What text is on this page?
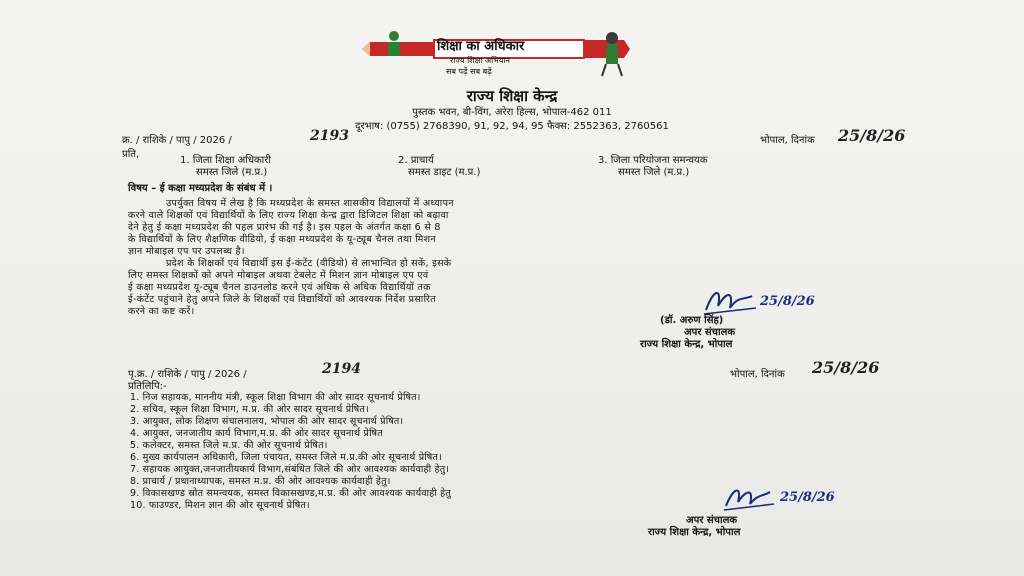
शिक्षा का अधिकार
राज्य शिक्षा अभियान
सब पढ़ें सब बढ़ें
राज्य शिक्षा केन्द्र
पुस्तक भवन, बी-विंग, अरेरा हिल्स, भोपाल-462 011
दूरभाष: (0755) 2768390, 91, 92, 94, 95 फैक्स: 2552363, 2760561
क्र. / राशिके / पापु / 2026 /	2193	भोपाल, दिनांक 25/8/26
प्रति,
1. जिला शिक्षा अधिकारी
समस्त जिले (म.प्र.)
2. प्राचार्य
समस्त डाइट (म.प्र.)
3. जिला परियोजना समन्वयक
समस्त जिले (म.प्र.)
विषय – ई कक्षा मध्यप्रदेश के संबंध में ।
उपर्युक्त विषय में लेख है कि मध्यप्रदेश के समस्त शासकीय विद्यालयों में अध्यापन
करने वाले शिक्षकों एवं विद्यार्थियों के लिए राज्य शिक्षा केन्द्र द्वारा डिजिटल शिक्षा को बढ़ावा
देने हेतु ई कक्षा मध्यप्रदेश की पहल प्रारंभ की गई है। इस पहल के अंतर्गत कक्षा 6 से 8
के विद्यार्थियों के लिए शैक्षणिक वीडियो, ई कक्षा मध्यप्रदेश के यू-ट्यूब चैनल तथा मिशन
ज्ञान मोबाइल एप पर उपलब्ध है।
प्रदेश के शिक्षकों एवं विद्यार्थी इस ई-कंटेंट (वीडियो) से लाभान्वित हो सकें, इसके
लिए समस्त शिक्षकों को अपने मोबाइल अथवा टेबलेट में मिशन ज्ञान मोबाइल एप एवं
ई कक्षा मध्यप्रदेश यू-ट्यूब चैनल डाउनलोड करने एवं अधिक से अधिक विद्यार्थियों तक
ई-कंटेंट पहुंचाने हेतु अपने जिले के शिक्षकों एवं विद्यार्थियों को आवश्यक निर्देश प्रसारित
करने का कष्ट करें।
25/8/26
(डॉ. अरुण सिंह)
अपर संचालक
राज्य शिक्षा केन्द्र, भोपाल
पृ.क्र. / राशिके / पापु / 2026 /	2194	भोपाल, दिनांक 25/8/26
प्रतिलिपि:-
1. निज सहायक, माननीय मंत्री, स्कूल शिक्षा विभाग की ओर सादर सूचनार्थ प्रेषित।
2. सचिव, स्कूल शिक्षा विभाग, म.प्र. की ओर सादर सूचनार्थ प्रेषित।
3. आयुक्त, लोक शिक्षण संचालनालय, भोपाल की ओर सादर सूचनार्थ प्रेषित।
4. आयुक्त, जनजातीय कार्य विभाग,म.प्र. की ओर सादर सूचनार्थ प्रेषित
5. कलेक्टर, समस्त जिले म.प्र. की ओर सूचनार्थ प्रेषित।
6. मुख्य कार्यपालन अधिकारी, जिला पंचायत, समस्त जिले म.प्र.की ओर सूचनार्थ प्रेषित।
7. सहायक आयुक्त,जनजातीयकार्य विभाग,संबंधित जिले की ओर आवश्यक कार्यवाही हेतु।
8. प्राचार्य / प्रधानाध्यापक, समस्त म.प्र. की ओर आवश्यक कार्यवाही हेतु।
9. विकासखण्ड स्रोत समन्वयक, समस्त विकासखण्ड,म.प्र. की ओर आवश्यक कार्यवाही हेतु
10. फाउण्डर, मिशन ज्ञान की ओर सूचनार्थ प्रेषित।
25/8/26
अपर संचालक
राज्य शिक्षा केन्द्र, भोपाल
